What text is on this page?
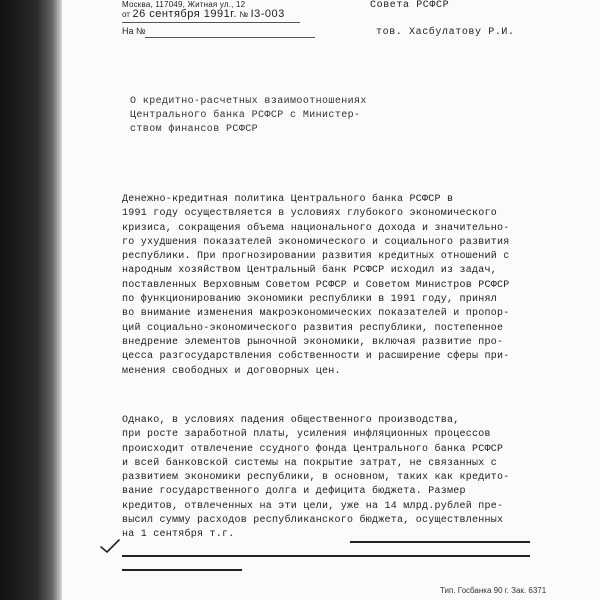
Москва, 117049, Житная ул., 12
от 26 сентября 1991г. № I3-003
На №
Совета РСФСР
тов. Хасбулатову Р.И.
О кредитно-расчетных взаимоотношениях
Центрального банка РСФСР с Министер-
ством финансов РСФСР
Денежно-кредитная политика Центрального банка РСФСР в
1991 году осуществляется в условиях глубокого экономического
кризиса, сокращения объема национального дохода и значительно-
го ухудшения показателей экономического и социального развития
республики. При прогнозировании развития кредитных отношений с
народным хозяйством Центральный банк РСФСР исходил из задач,
поставленных Верховным Советом РСФСР и Советом Министров РСФСР
по функционированию экономики республики в 1991 году, принял
во внимание изменения макроэкономических показателей и пропор-
ций социально-экономического развития республики, постепенное
внедрение элементов рыночной экономики, включая развитие про-
цесса разгосударствления собственности и расширение сферы при-
менения свободных и договорных цен.
Однако, в условиях падения общественного производства,
при росте заработной платы, усиления инфляционных процессов
происходит отвлечение ссудного фонда Центрального банка РСФСР
и всей банковской системы на покрытие затрат, не связанных с
развитием экономики республики, в основном, таких как кредито-
вание государственного долга и дефицита бюджета. Размер
кредитов, отвлеченных на эти цели, уже на 14 млрд.рублей пре-
высил сумму расходов республиканского бюджета, осуществленных
на 1 сентября т.г.
Тип. Госбанка 90 г. Зак. 6371
